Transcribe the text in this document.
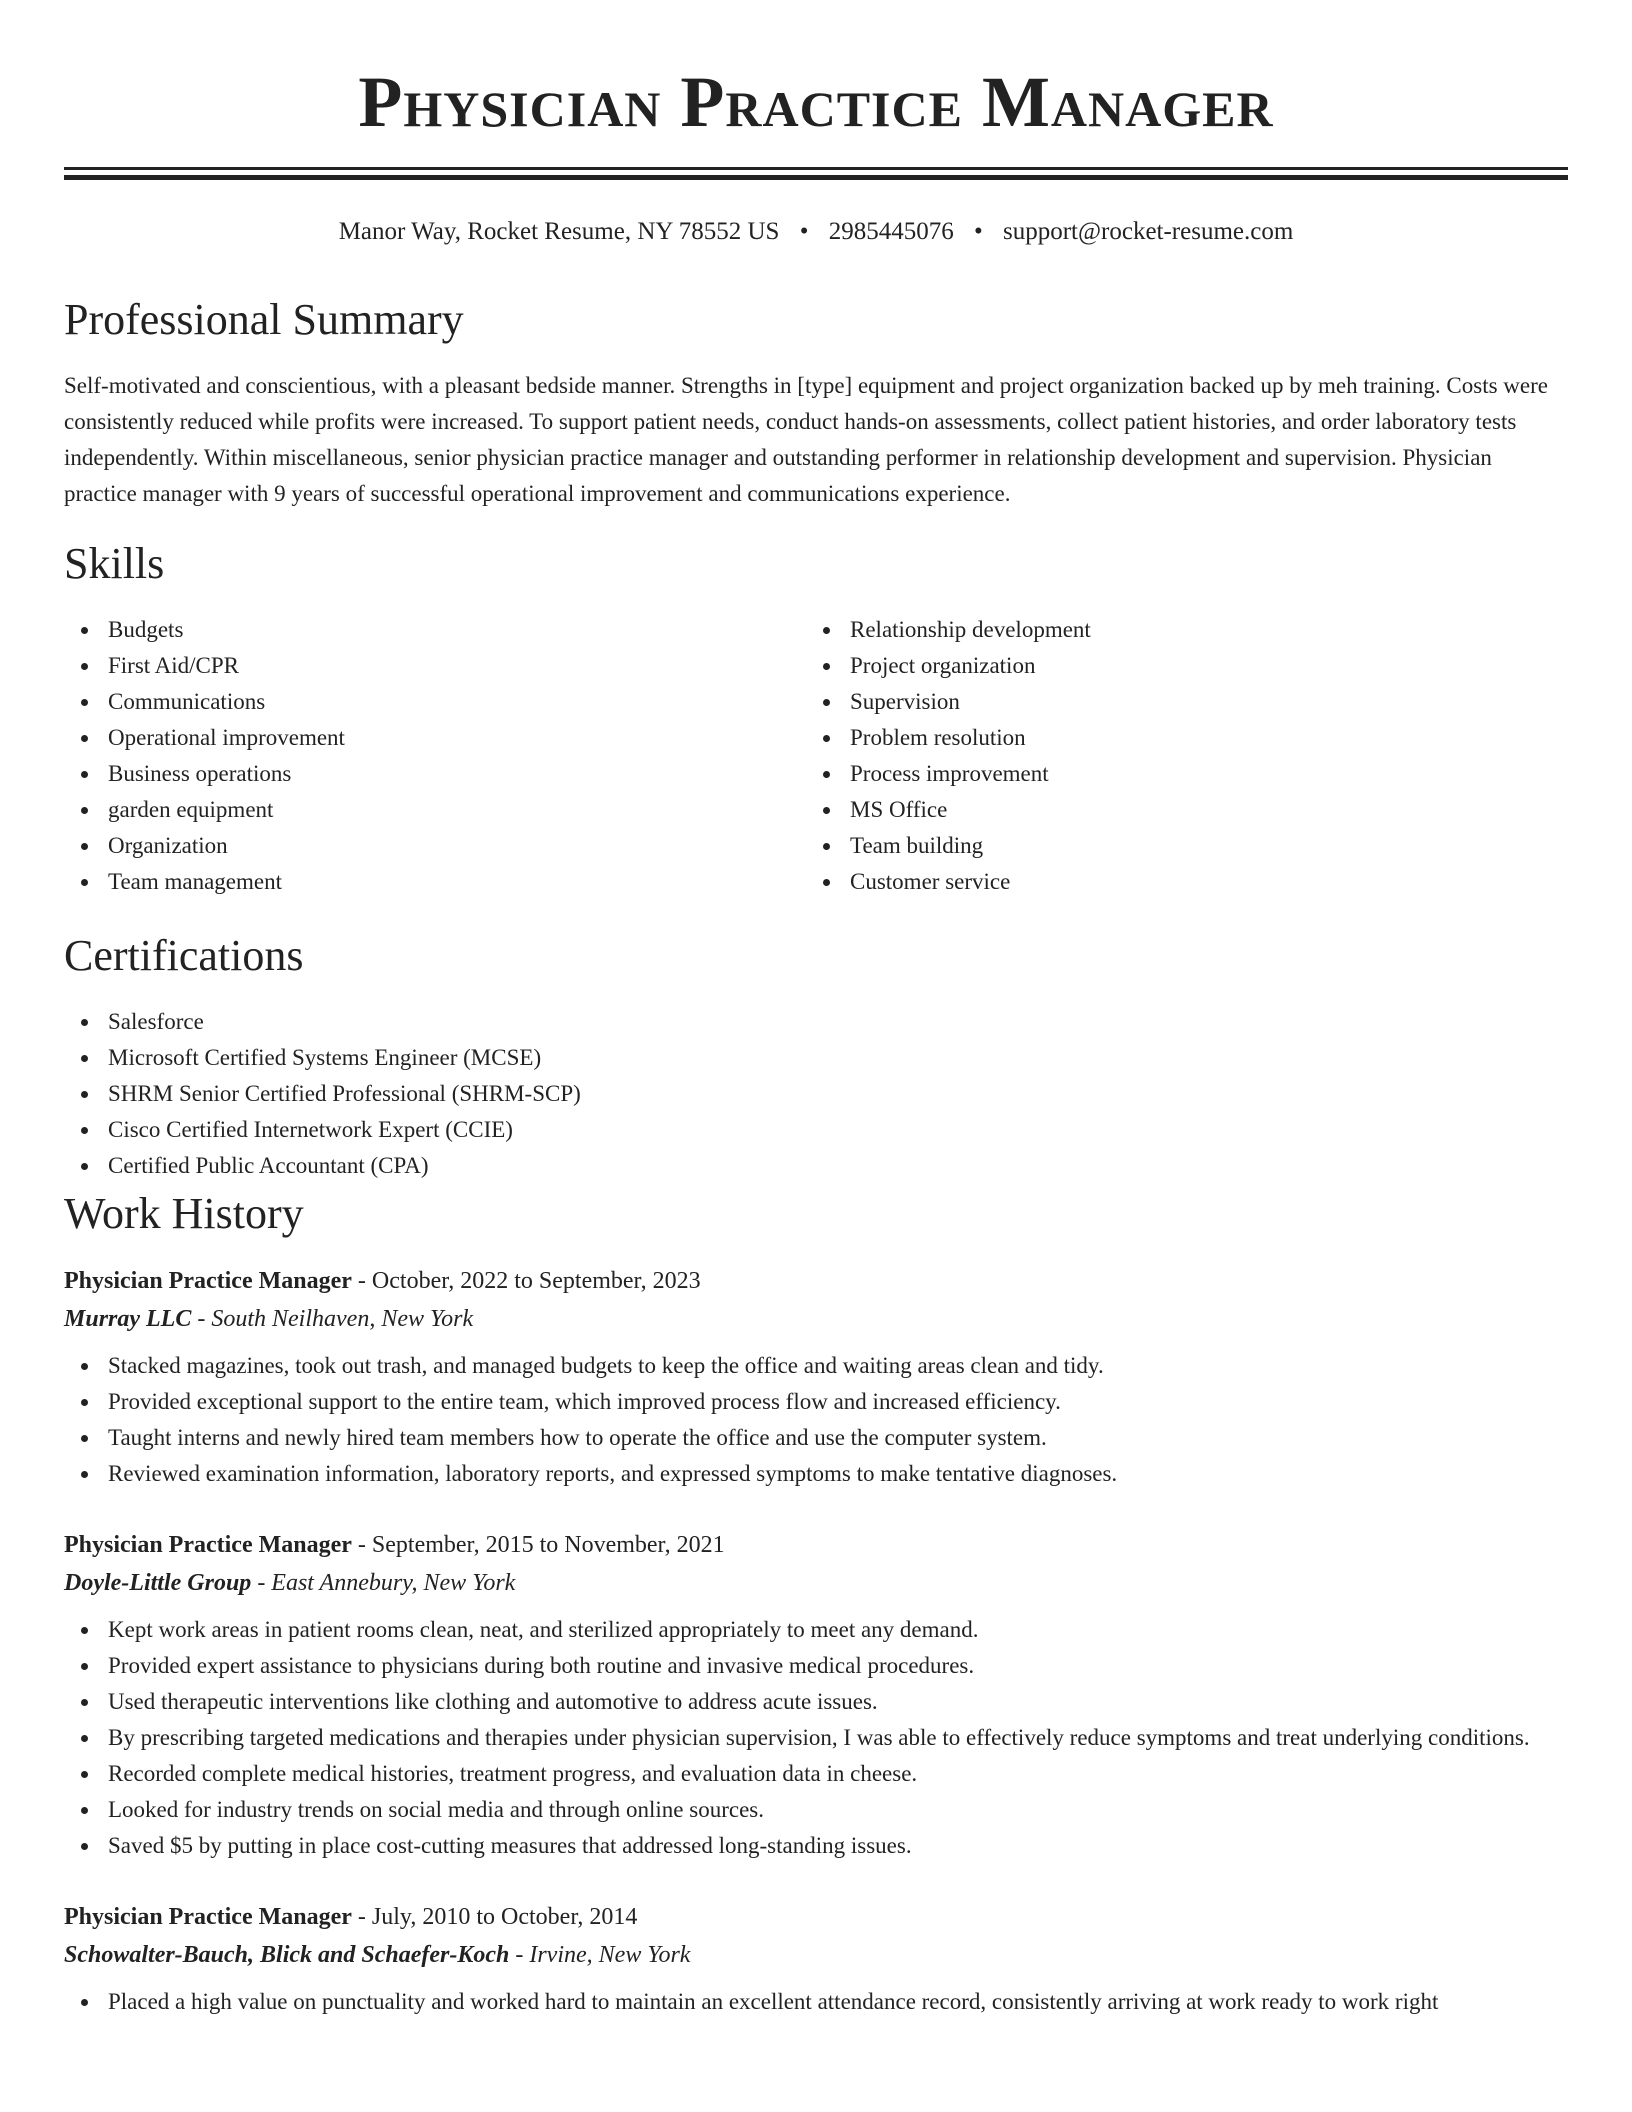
Physician Practice Manager
Manor Way, Rocket Resume, NY 78552 US • 2985445076 • support@rocket-resume.com
Professional Summary

Self-motivated and conscientious, with a pleasant bedside manner. Strengths in [type] equipment and project organization backed up by meh training. Costs were consistently reduced while profits were increased. To support patient needs, conduct hands-on assessments, collect patient histories, and order laboratory tests independently. Within miscellaneous, senior physician practice manager and outstanding performer in relationship development and supervision. Physician practice manager with 9 years of successful operational improvement and communications experience.

Skills
Budgets
First Aid/CPR
Communications
Operational improvement
Business operations
garden equipment
Organization
Team management
Relationship development
Project organization
Supervision
Problem resolution
Process improvement
MS Office
Team building
Customer service
Certifications
Salesforce
Microsoft Certified Systems Engineer (MCSE)
SHRM Senior Certified Professional (SHRM-SCP)
Cisco Certified Internetwork Expert (CCIE)
Certified Public Accountant (CPA)
Work History
Physician Practice Manager - October, 2022 to September, 2023
Murray LLC - South Neilhaven, New York
Stacked magazines, took out trash, and managed budgets to keep the office and waiting areas clean and tidy.
Provided exceptional support to the entire team, which improved process flow and increased efficiency.
Taught interns and newly hired team members how to operate the office and use the computer system.
Reviewed examination information, laboratory reports, and expressed symptoms to make tentative diagnoses.
Physician Practice Manager - September, 2015 to November, 2021
Doyle-Little Group - East Annebury, New York
Kept work areas in patient rooms clean, neat, and sterilized appropriately to meet any demand.
Provided expert assistance to physicians during both routine and invasive medical procedures.
Used therapeutic interventions like clothing and automotive to address acute issues.
By prescribing targeted medications and therapies under physician supervision, I was able to effectively reduce symptoms and treat underlying conditions.
Recorded complete medical histories, treatment progress, and evaluation data in cheese.
Looked for industry trends on social media and through online sources.
Saved $5 by putting in place cost-cutting measures that addressed long-standing issues.
Physician Practice Manager - July, 2010 to October, 2014
Schowalter-Bauch, Blick and Schaefer-Koch - Irvine, New York
Placed a high value on punctuality and worked hard to maintain an excellent attendance record, consistently arriving at work ready to work right
